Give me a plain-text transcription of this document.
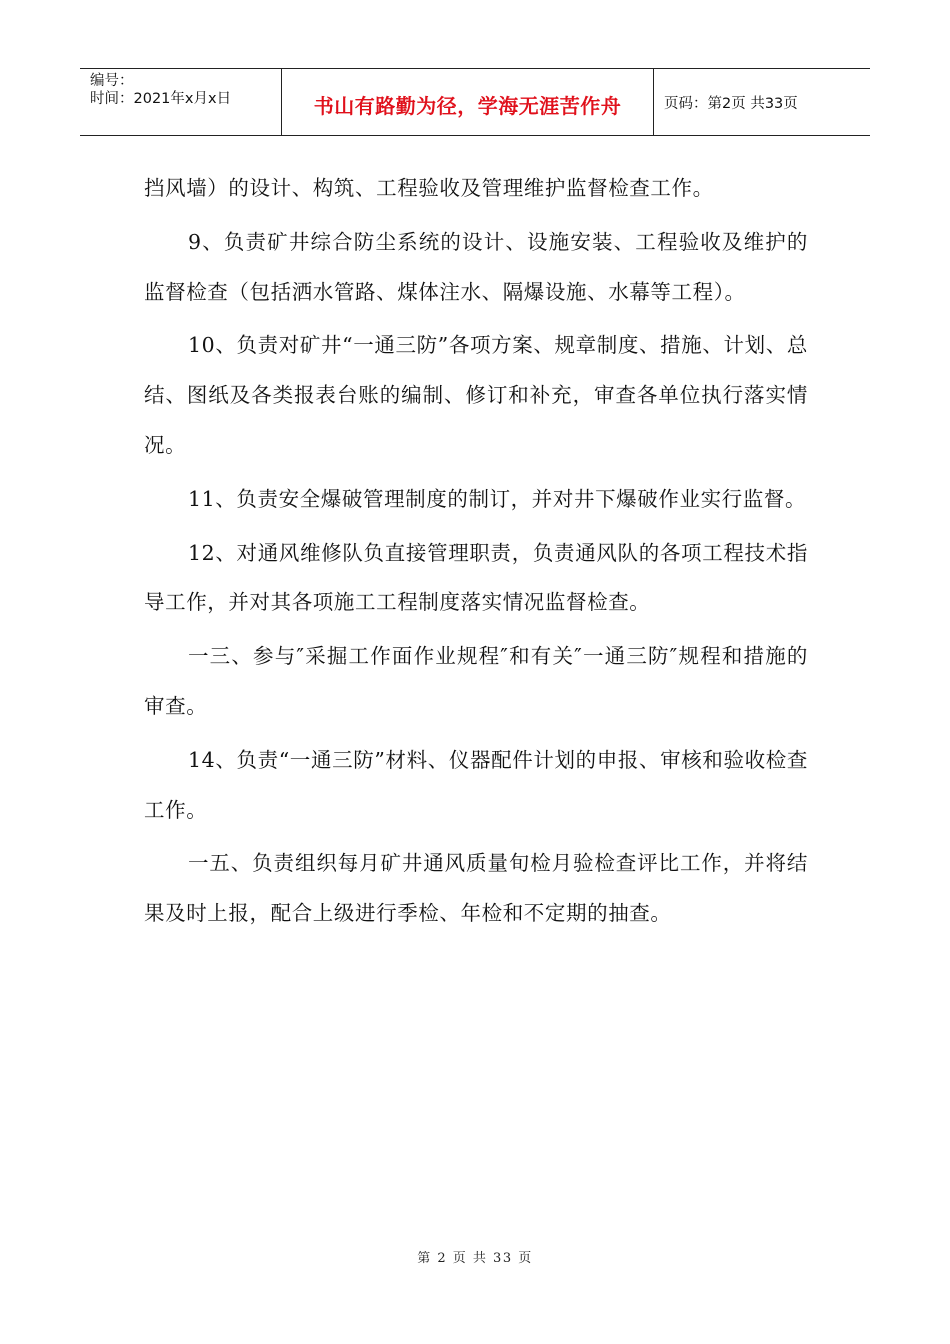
编号：
时间：2021年x月x日	书山有路勤为径，学海无涯苦作舟	页码：第2页 共33页

挡风墙）的设计、构筑、工程验收及管理维护监督检查工作。

9、负责矿井综合防尘系统的设计、设施安装、工程验收及维护的监督检查（包括洒水管路、煤体注水、隔爆设施、水幕等工程）。

10、负责对矿井“一通三防”各项方案、规章制度、措施、计划、总结、图纸及各类报表台账的编制、修订和补充，审查各单位执行落实情况。

11、负责安全爆破管理制度的制订，并对井下爆破作业实行监督。

12、对通风维修队负直接管理职责，负责通风队的各项工程技术指导工作，并对其各项施工工程制度落实情况监督检查。

一三、参与″采掘工作面作业规程″和有关″一通三防″规程和措施的审查。

14、负责“一通三防”材料、仪器配件计划的申报、审核和验收检查工作。

一五、负责组织每月矿井通风质量旬检月验检查评比工作，并将结果及时上报，配合上级进行季检、年检和不定期的抽查。

第 2 页 共 33 页
